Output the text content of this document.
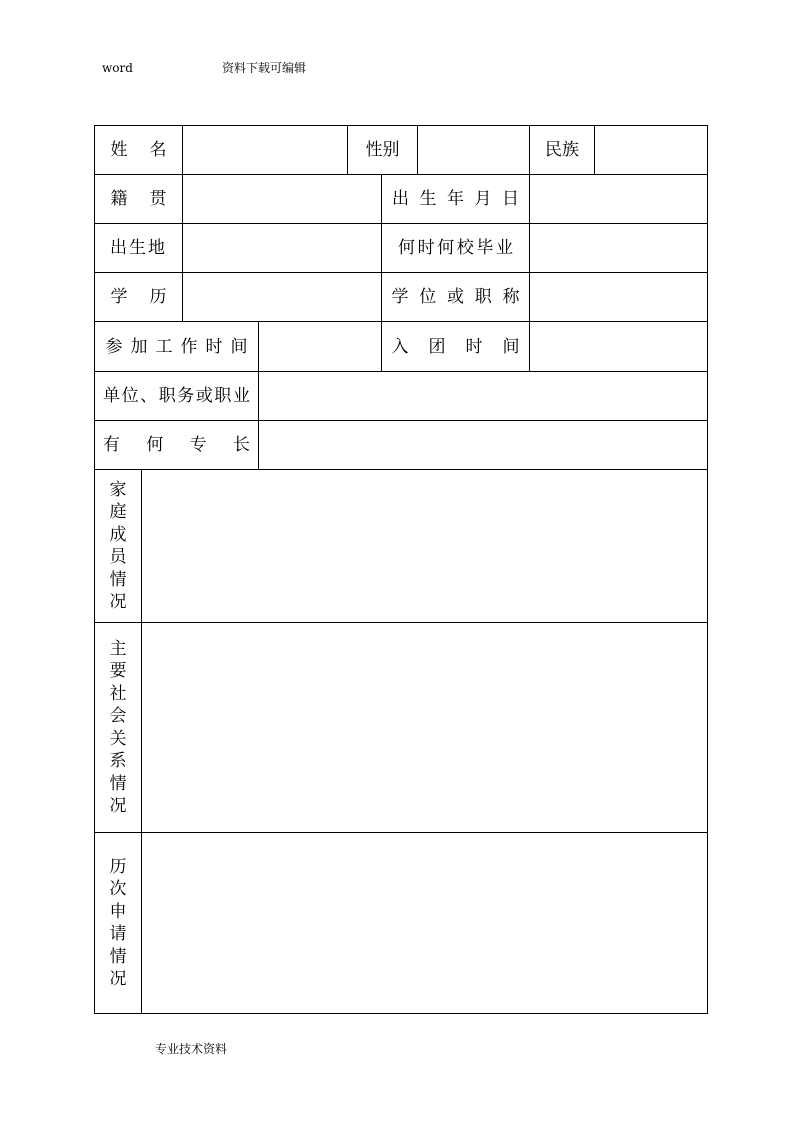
word	资料下载可编辑
姓 名	性别	民族
籍 贯	出生年月日
出生地	何时何校毕业
学 历	学位或职称
参加工作时间	入 团 时 间
单位、职务或职业
有 何 专 长
家庭成员情况
主要社会关系情况
历次申请情况
专业技术资料
